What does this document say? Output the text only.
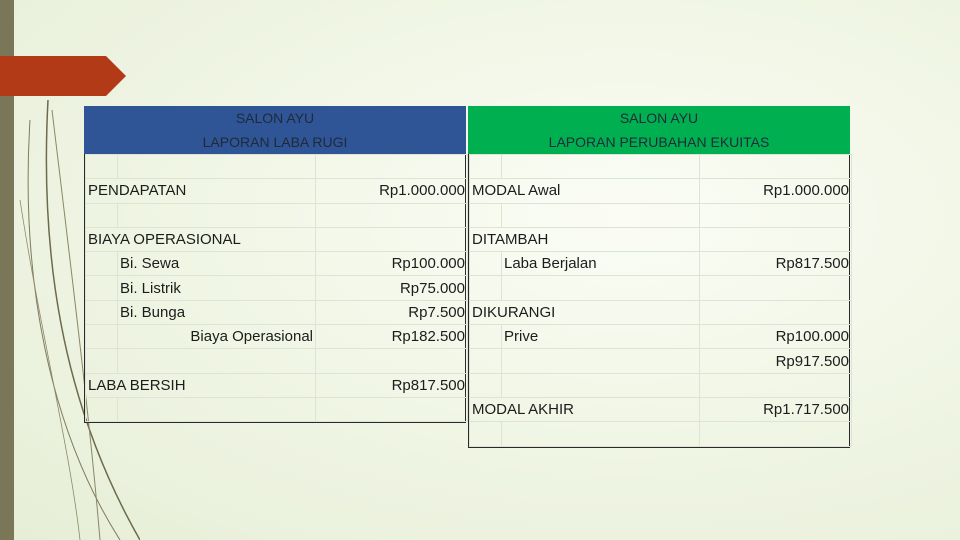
SALON AYU
LAPORAN LABA RUGI

PENDAPATAN		Rp1.000.000

BIAYA OPERASIONAL		
	Bi. Sewa	Rp100.000
	Bi. Listrik	Rp75.000
	Bi. Bunga	Rp7.500
	Biaya Operasional	Rp182.500

LABA BERSIH		Rp817.500

SALON AYU
LAPORAN PERUBAHAN EKUITAS

MODAL Awal		Rp1.000.000

DITAMBAH		
	Laba Berjalan	Rp817.500

DIKURANGI		
	Prive	Rp100.000
		Rp917.500

MODAL AKHIR		Rp1.717.500
